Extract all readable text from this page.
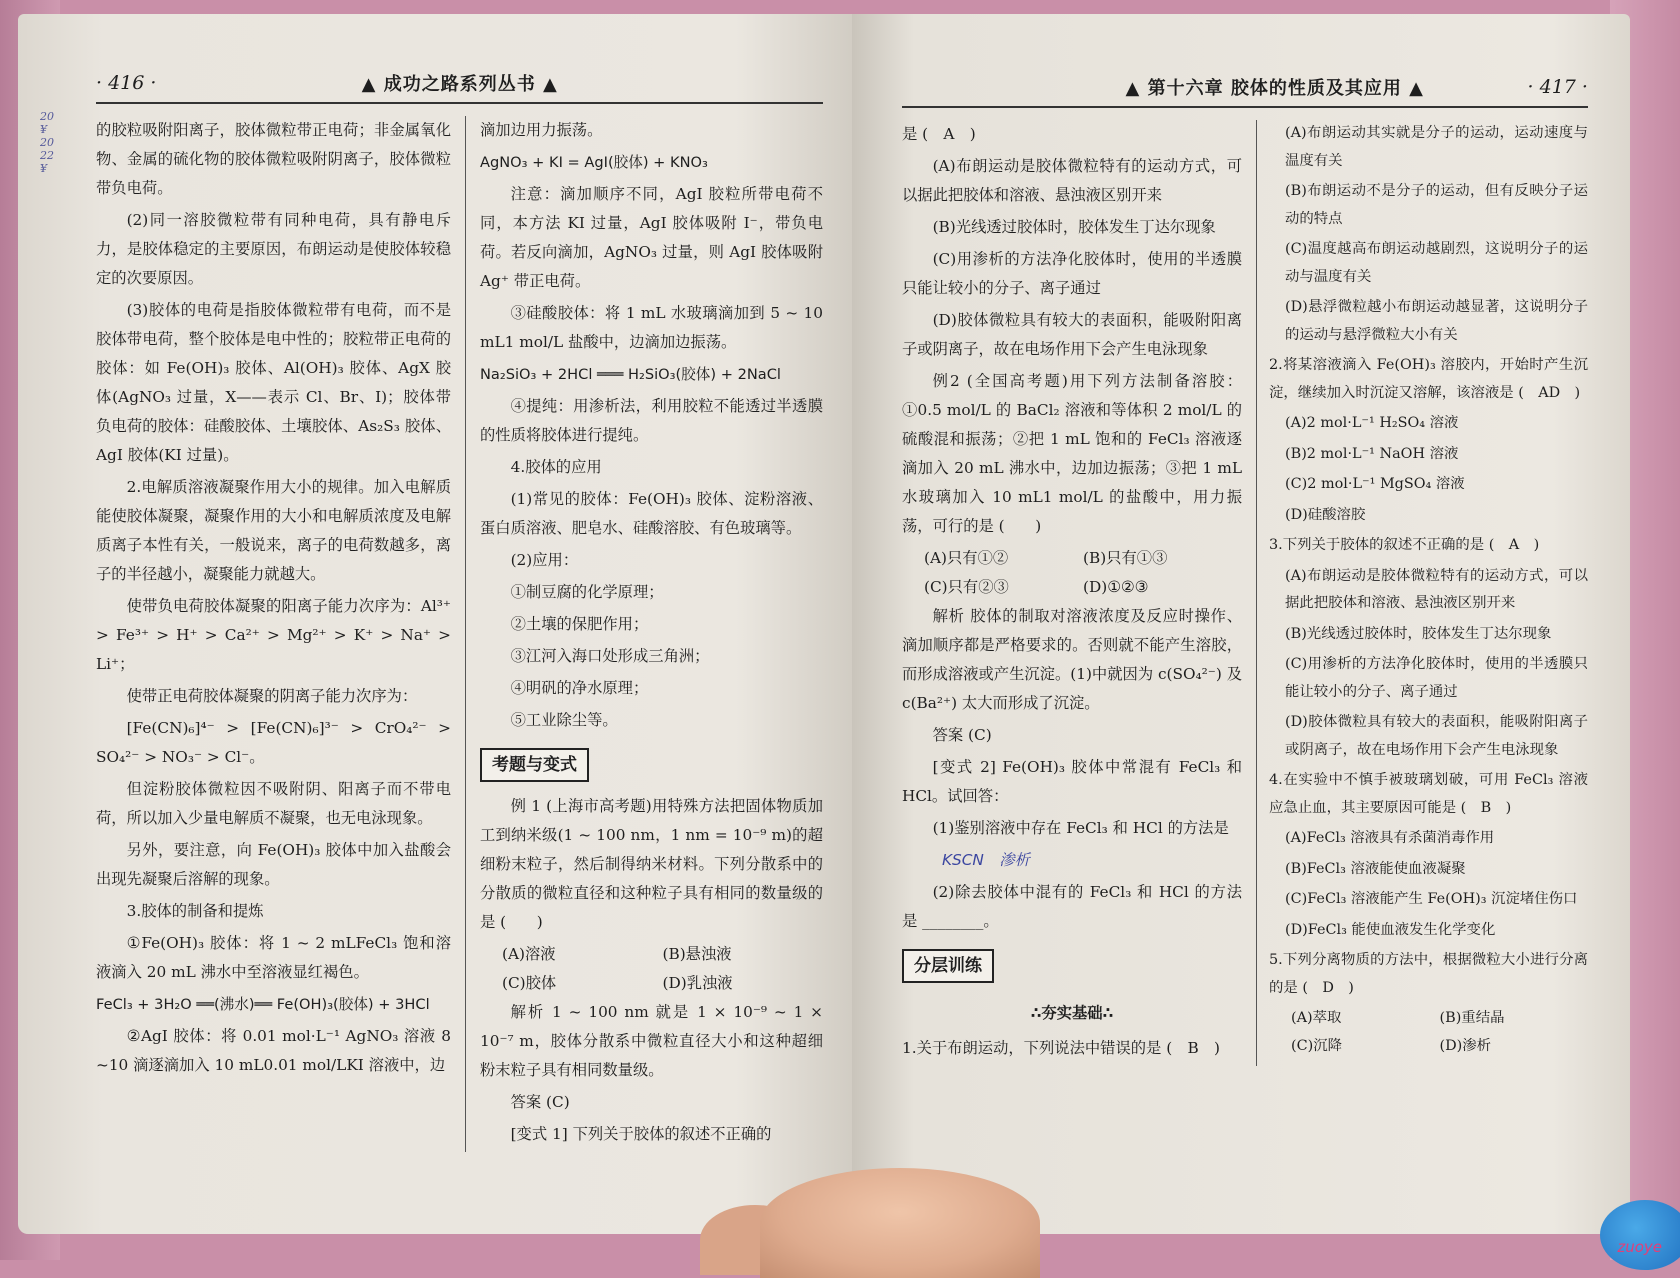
· 416 ·	▲ 成功之路系列丛书 ▲

的胶粒吸附阳离子，胶体微粒带正电荷；非金属氧化物、金属的硫化物的胶体微粒吸附阴离子，胶体微粒带负电荷。

(2)同一溶胶微粒带有同种电荷，具有静电斥力，是胶体稳定的主要原因，布朗运动是使胶体较稳定的次要原因。

(3)胶体的电荷是指胶体微粒带有电荷，而不是胶体带电荷，整个胶体是电中性的；胶粒带正电荷的胶体：如 Fe(OH)₃ 胶体、Al(OH)₃ 胶体、AgX 胶体(AgNO₃ 过量，X——表示 Cl、Br、I)；胶体带负电荷的胶体：硅酸胶体、土壤胶体、As₂S₃ 胶体、AgI 胶体(KI 过量)。

2.电解质溶液凝聚作用大小的规律。加入电解质能使胶体凝聚，凝聚作用的大小和电解质浓度及电解质离子本性有关，一般说来，离子的电荷数越多，离子的半径越小，凝聚能力就越大。

使带负电荷胶体凝聚的阳离子能力次序为：Al³⁺ > Fe³⁺ > H⁺ > Ca²⁺ > Mg²⁺ > K⁺ > Na⁺ > Li⁺；

使带正电荷胶体凝聚的阴离子能力次序为：

[Fe(CN)₆]⁴⁻ > [Fe(CN)₆]³⁻ > CrO₄²⁻ > SO₄²⁻ > NO₃⁻ > Cl⁻。

但淀粉胶体微粒因不吸附阴、阳离子而不带电荷，所以加入少量电解质不凝聚，也无电泳现象。

另外，要注意，向 Fe(OH)₃ 胶体中加入盐酸会出现先凝聚后溶解的现象。

3.胶体的制备和提炼

①Fe(OH)₃ 胶体：将 1 ~ 2 mLFeCl₃ 饱和溶液滴入 20 mL 沸水中至溶液显红褐色。

FeCl₃ + 3H₂O ══(沸水)══ Fe(OH)₃(胶体) + 3HCl

②AgI 胶体：将 0.01 mol·L⁻¹ AgNO₃ 溶液 8 ~10 滴逐滴加入 10 mL0.01 mol/LKI 溶液中，边

滴加边用力振荡。

AgNO₃ + KI = AgI(胶体) + KNO₃

注意：滴加顺序不同，AgI 胶粒所带电荷不同，本方法 KI 过量，AgI 胶体吸附 I⁻，带负电荷。若反向滴加，AgNO₃ 过量，则 AgI 胶体吸附 Ag⁺ 带正电荷。

③硅酸胶体：将 1 mL 水玻璃滴加到 5 ~ 10 mL1 mol/L 盐酸中，边滴加边振荡。

Na₂SiO₃ + 2HCl ═══ H₂SiO₃(胶体) + 2NaCl

④提纯：用渗析法，利用胶粒不能透过半透膜的性质将胶体进行提纯。

4.胶体的应用

(1)常见的胶体：Fe(OH)₃ 胶体、淀粉溶液、蛋白质溶液、肥皂水、硅酸溶胶、有色玻璃等。

(2)应用：

①制豆腐的化学原理；

②土壤的保肥作用；

③江河入海口处形成三角洲；

④明矾的净水原理；

⑤工业除尘等。

考题与变式

例 1 (上海市高考题)用特殊方法把固体物质加工到纳米级(1 ~ 100 nm，1 nm = 10⁻⁹ m)的超细粉末粒子，然后制得纳米材料。下列分散系中的分散质的微粒直径和这种粒子具有相同的数量级的是 (　　)

(A)溶液	(B)悬浊液
(C)胶体	(D)乳浊液

解析 1 ~ 100 nm 就是 1 × 10⁻⁹ ~ 1 × 10⁻⁷ m，胶体分散系中微粒直径大小和这种超细粉末粒子具有相同数量级。

答案 (C)

[变式 1] 下列关于胶体的叙述不正确的

▲ 第十六章 胶体的性质及其应用 ▲	· 417 ·

是 (　A　)

(A)布朗运动是胶体微粒特有的运动方式，可以据此把胶体和溶液、悬浊液区别开来

(B)光线透过胶体时，胶体发生丁达尔现象

(C)用渗析的方法净化胶体时，使用的半透膜只能让较小的分子、离子通过

(D)胶体微粒具有较大的表面积，能吸附阳离子或阴离子，故在电场作用下会产生电泳现象

例2 (全国高考题)用下列方法制备溶胶：①0.5 mol/L 的 BaCl₂ 溶液和等体积 2 mol/L 的硫酸混和振荡；②把 1 mL 饱和的 FeCl₃ 溶液逐滴加入 20 mL 沸水中，边加边振荡；③把 1 mL 水玻璃加入 10 mL1 mol/L 的盐酸中，用力振荡，可行的是 (　　)

(A)只有①②	(B)只有①③
(C)只有②③	(D)①②③

解析 胶体的制取对溶液浓度及反应时操作、滴加顺序都是严格要求的。否则就不能产生溶胶，而形成溶液或产生沉淀。(1)中就因为 c(SO₄²⁻) 及 c(Ba²⁺) 太大而形成了沉淀。

答案 (C)

[变式 2] Fe(OH)₃ 胶体中常混有 FeCl₃ 和 HCl。试回答：

(1)鉴别溶液中存在 FeCl₃ 和 HCl 的方法是

KSCN　 渗析

(2)除去胶体中混有的 FeCl₃ 和 HCl 的方法是 ________。

分层训练
∴夯实基础∴

1.关于布朗运动，下列说法中错误的是 (　B　)

(A)布朗运动其实就是分子的运动，运动速度与温度有关

(B)布朗运动不是分子的运动，但有反映分子运动的特点

(C)温度越高布朗运动越剧烈，这说明分子的运动与温度有关

(D)悬浮微粒越小布朗运动越显著，这说明分子的运动与悬浮微粒大小有关

2.将某溶液滴入 Fe(OH)₃ 溶胶内，开始时产生沉淀，继续加入时沉淀又溶解，该溶液是 (　AD　)

(A)2 mol·L⁻¹ H₂SO₄ 溶液

(B)2 mol·L⁻¹ NaOH 溶液

(C)2 mol·L⁻¹ MgSO₄ 溶液

(D)硅酸溶胶

3.下列关于胶体的叙述不正确的是 (　A　)

(A)布朗运动是胶体微粒特有的运动方式，可以据此把胶体和溶液、悬浊液区别开来

(B)光线透过胶体时，胶体发生丁达尔现象

(C)用渗析的方法净化胶体时，使用的半透膜只能让较小的分子、离子通过

(D)胶体微粒具有较大的表面积，能吸附阳离子或阴离子，故在电场作用下会产生电泳现象

4.在实验中不慎手被玻璃划破，可用 FeCl₃ 溶液应急止血，其主要原因可能是 (　B　)

(A)FeCl₃ 溶液具有杀菌消毒作用

(B)FeCl₃ 溶液能使血液凝聚

(C)FeCl₃ 溶液能产生 Fe(OH)₃ 沉淀堵住伤口

(D)FeCl₃ 能使血液发生化学变化

5.下列分离物质的方法中，根据微粒大小进行分离的是 (　D　)

(A)萃取	(B)重结晶
(C)沉降	(D)渗析
20 ¥ 20 22 ¥
zuoye
